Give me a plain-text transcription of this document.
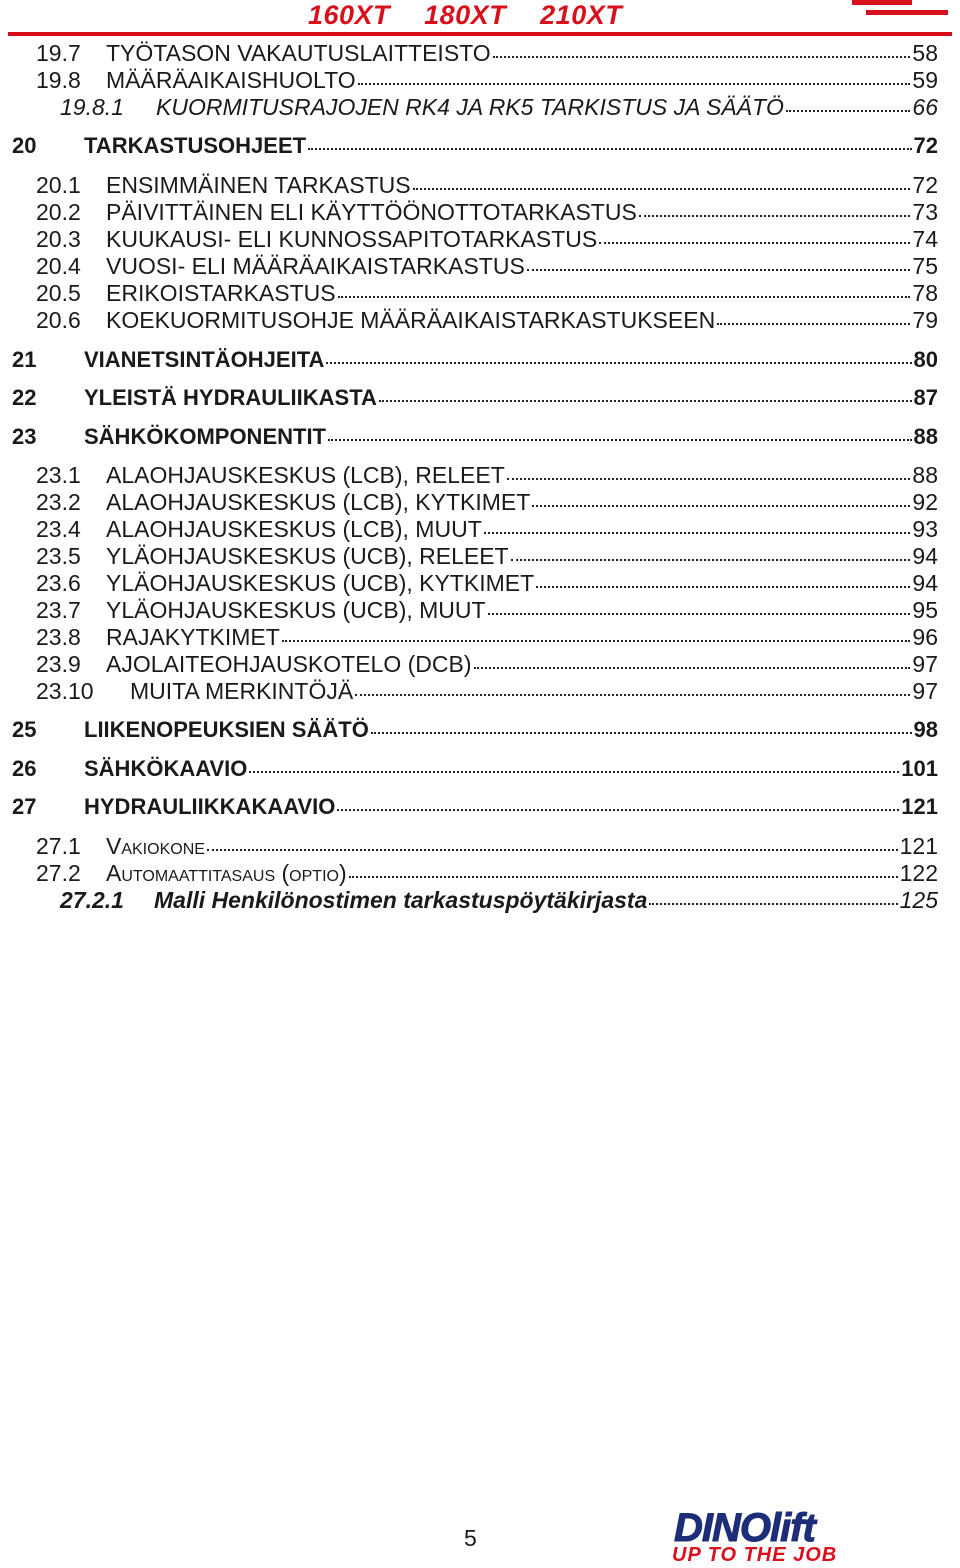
160XT 180XT 210XT
19.7	TYÖTASON VAKAUTUSLAITTEISTO	58
19.8	MÄÄRÄAIKAISHUOLTO	59
19.8.1	KUORMITUSRAJOJEN RK4 JA RK5 TARKISTUS JA SÄÄTÖ	66
20	TARKASTUSOHJEET	72
20.1	ENSIMMÄINEN TARKASTUS	72
20.2	PÄIVITTÄINEN ELI KÄYTTÖÖNOTTOTARKASTUS	73
20.3	KUUKAUSI- ELI KUNNOSSAPITOTARKASTUS	74
20.4	VUOSI- ELI MÄÄRÄAIKAISTARKASTUS	75
20.5	ERIKOISTARKASTUS	78
20.6	KOEKUORMITUSOHJE MÄÄRÄAIKAISTARKASTUKSEEN	79
21	VIANETSINTÄOHJEITA	80
22	YLEISTÄ HYDRAULIIKASTA	87
23	SÄHKÖKOMPONENTIT	88
23.1	ALAOHJAUSKESKUS (LCB), RELEET	88
23.2	ALAOHJAUSKESKUS (LCB), KYTKIMET	92
23.4	ALAOHJAUSKESKUS (LCB), MUUT	93
23.5	YLÄOHJAUSKESKUS (UCB), RELEET	94
23.6	YLÄOHJAUSKESKUS (UCB), KYTKIMET	94
23.7	YLÄOHJAUSKESKUS (UCB), MUUT	95
23.8	RAJAKYTKIMET	96
23.9	AJOLAITEOHJAUSKOTELO (DCB)	97
23.10	MUITA MERKINTÖJÄ	97
25	LIIKENOPEUKSIEN SÄÄTÖ	98
26	SÄHKÖKAAVIO	101
27	HYDRAULIIKKAKAAVIO	121
27.1	Vakiokone	121
27.2	Automaattitasaus (optio)	122
27.2.1	Malli Henkilönostimen tarkastuspöytäkirjasta	125
5	DINOlift
UP TO THE JOB
